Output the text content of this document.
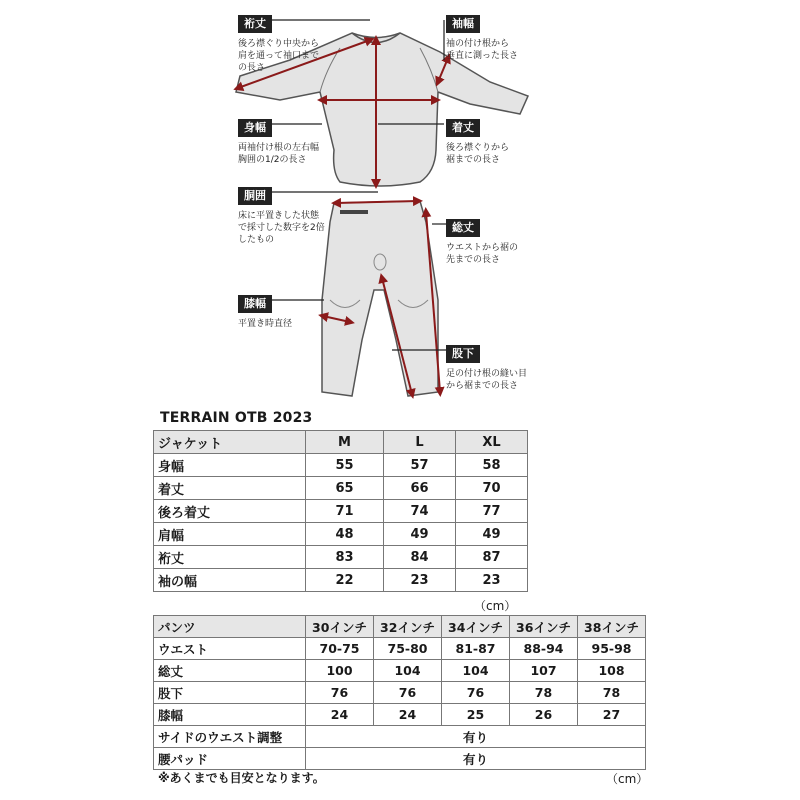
裄丈
後ろ襟ぐり中央から
肩を通って袖口まで
の長さ
袖幅
袖の付け根から
垂直に測った長さ
身幅
両袖付け根の左右幅
胸囲の1/2の長さ
着丈
後ろ襟ぐりから
裾までの長さ
胴囲
床に平置きした状態
で採寸した数字を2倍
したもの
総丈
ウエストから裾の
先までの長さ
膝幅
平置き時直径
股下
足の付け根の縫い目
から裾までの長さ
TERRAIN OTB 2023
ジャケット	M	L	XL
身幅	55	57	58
着丈	65	66	70
後ろ着丈	71	74	77
肩幅	48	49	49
裄丈	83	84	87
袖の幅	22	23	23
（cm）
パンツ	30インチ	32インチ	34インチ	36インチ	38インチ
ウエスト	70-75	75-80	81-87	88-94	95-98
総丈	100	104	104	107	108
股下	76	76	76	78	78
膝幅	24	24	25	26	27
サイドのウエスト調整	有り				
腰パッド	有り				
※あくまでも目安となります。	（cm）
